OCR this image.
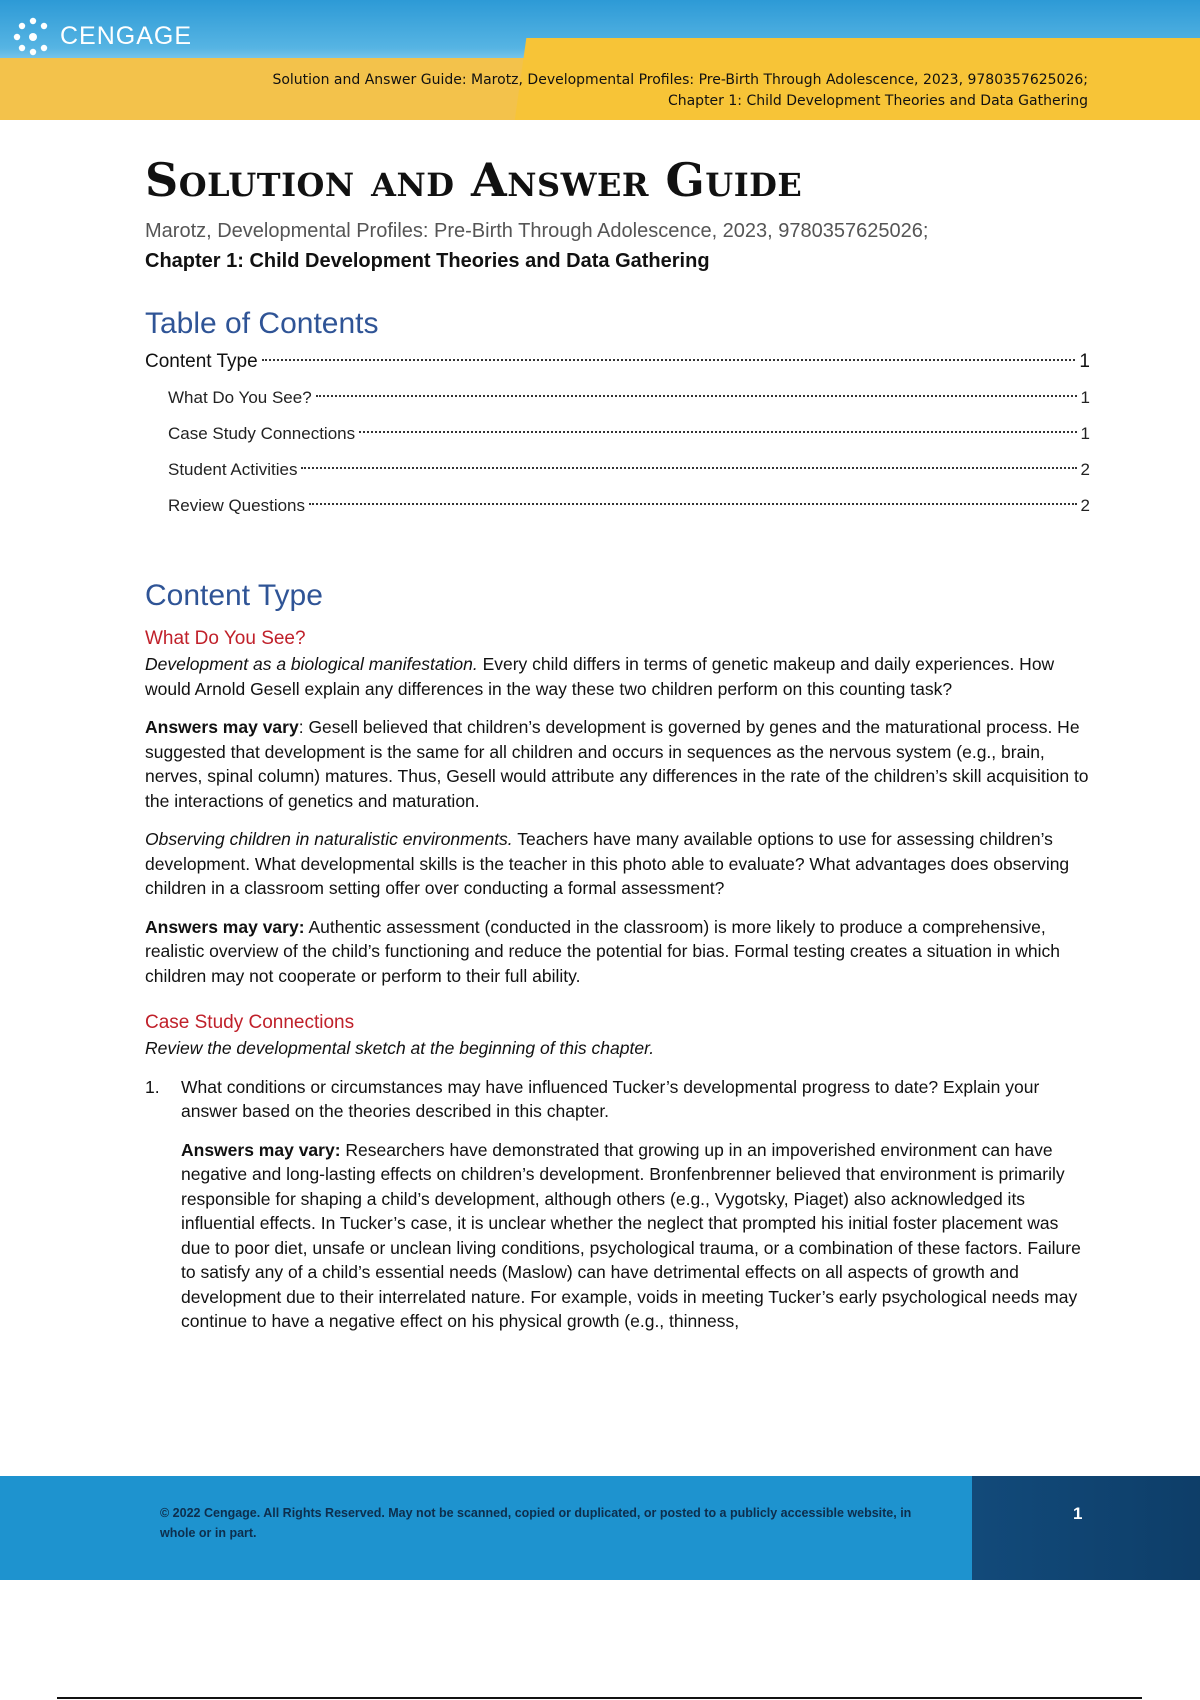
CENGAGE
Solution and Answer Guide: Marotz, Developmental Profiles: Pre-Birth Through Adolescence, 2023, 9780357625026;
Chapter 1: Child Development Theories and Data Gathering
Solution and Answer Guide
Marotz, Developmental Profiles: Pre-Birth Through Adolescence, 2023, 9780357625026;
Chapter 1: Child Development Theories and Data Gathering
Table of Contents
Content Type	1
What Do You See?	1
Case Study Connections	1
Student Activities	2
Review Questions	2
Content Type
What Do You See?

Development as a biological manifestation. Every child differs in terms of genetic makeup and daily experiences. How would Arnold Gesell explain any differences in the way these two children perform on this counting task?

Answers may vary: Gesell believed that children’s development is governed by genes and the maturational process. He suggested that development is the same for all children and occurs in sequences as the nervous system (e.g., brain, nerves, spinal column) matures. Thus, Gesell would attribute any differences in the rate of the children’s skill acquisition to the interactions of genetics and maturation.

Observing children in naturalistic environments. Teachers have many available options to use for assessing children’s development. What developmental skills is the teacher in this photo able to evaluate? What advantages does observing children in a classroom setting offer over conducting a formal assessment?

Answers may vary: Authentic assessment (conducted in the classroom) is more likely to produce a comprehensive, realistic overview of the child’s functioning and reduce the potential for bias. Formal testing creates a situation in which children may not cooperate or perform to their full ability.

Case Study Connections

Review the developmental sketch at the beginning of this chapter.

1.	What conditions or circumstances may have influenced Tucker’s developmental progress to date? Explain your answer based on the theories described in this chapter.

Answers may vary: Researchers have demonstrated that growing up in an impoverished environment can have negative and long-lasting effects on children’s development. Bronfenbrenner believed that environment is primarily responsible for shaping a child’s development, although others (e.g., Vygotsky, Piaget) also acknowledged its influential effects. In Tucker’s case, it is unclear whether the neglect that prompted his initial foster placement was due to poor diet, unsafe or unclean living conditions, psychological trauma, or a combination of these factors. Failure to satisfy any of a child’s essential needs (Maslow) can have detrimental effects on all aspects of growth and development due to their interrelated nature. For example, voids in meeting Tucker’s early psychological needs may continue to have a negative effect on his physical growth (e.g., thinness,

© 2022 Cengage. All Rights Reserved. May not be scanned, copied or duplicated, or posted to a publicly accessible website, in whole or in part.
1
